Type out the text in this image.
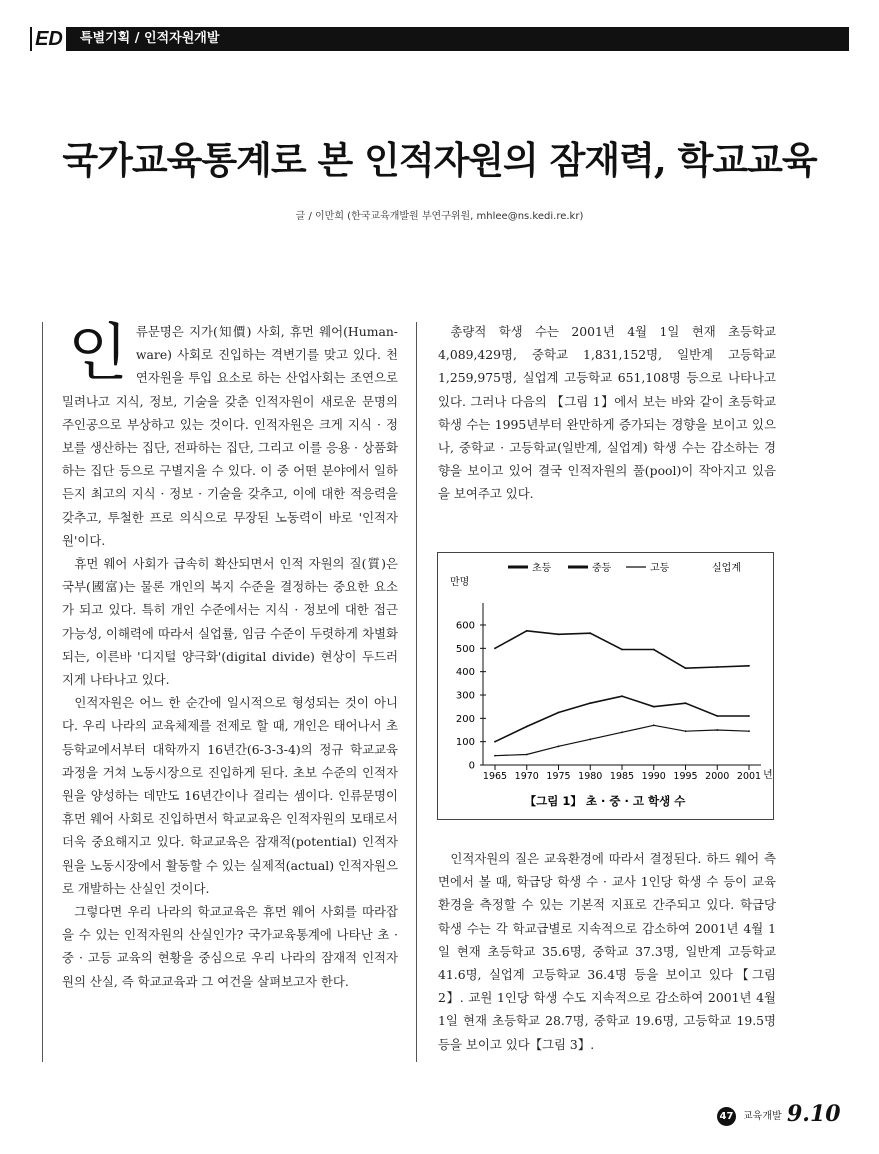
ED 특별기획 / 인적자원개발
국가교육통계로 본 인적자원의 잠재력, 학교교육
글 / 이만희 (한국교육개발원 부연구위원, mhlee@ns.kedi.re.kr)
인 류문명은 지가(知價) 사회, 휴먼 웨어(Human-ware) 사회로 진입하는 격변기를 맞고 있다. 천연자원을 투입 요소로 하는 산업사회는 조연으로 밀려나고 지식, 정보, 기술을 갖춘 인적자원이 새로운 문명의 주인공으로 부상하고 있는 것이다. 인적자원은 크게 지식 · 정보를 생산하는 집단, 전파하는 집단, 그리고 이를 응용 · 상품화하는 집단 등으로 구별지을 수 있다. 이 중 어떤 분야에서 일하든지 최고의 지식 · 정보 · 기술을 갖추고, 이에 대한 적응력을 갖추고, 투철한 프로 의식으로 무장된 노동력이 바로 '인적자원'이다.

휴먼 웨어 사회가 급속히 확산되면서 인적 자원의 질(質)은 국부(國富)는 물론 개인의 복지 수준을 결정하는 중요한 요소가 되고 있다. 특히 개인 수준에서는 지식 · 정보에 대한 접근 가능성, 이해력에 따라서 실업률, 임금 수준이 두렷하게 차별화 되는, 이른바 '디지털 양극화'(digital divide) 현상이 두드러지게 나타나고 있다.

인적자원은 어느 한 순간에 일시적으로 형성되는 것이 아니다. 우리 나라의 교육체제를 전제로 할 때, 개인은 태어나서 초등학교에서부터 대학까지 16년간(6-3-3-4)의 정규 학교교육 과정을 거쳐 노동시장으로 진입하게 된다. 초보 수준의 인적자원을 양성하는 데만도 16년간이나 걸리는 셈이다. 인류문명이 휴먼 웨어 사회로 진입하면서 학교교육은 인적자원의 모태로서 더욱 중요해지고 있다. 학교교육은 잠재적(potential) 인적자원을 노동시장에서 활동할 수 있는 실제적(actual) 인적자원으로 개발하는 산실인 것이다.

그렇다면 우리 나라의 학교교육은 휴먼 웨어 사회를 따라잡을 수 있는 인적자원의 산실인가? 국가교육통계에 나타난 초 · 중 · 고등 교육의 현황을 중심으로 우리 나라의 잠재적 인적자원의 산실, 즉 학교교육과 그 여건을 살펴보고자 한다.

총량적 학생 수는 2001년 4월 1일 현재 초등학교 4,089,429명, 중학교 1,831,152명, 일반계 고등학교 1,259,975명, 실업계 고등학교 651,108명 등으로 나타나고 있다. 그러나 다음의 【그림 1】에서 보는 바와 같이 초등학교 학생 수는 1995년부터 완만하게 증가되는 경향을 보이고 있으나, 중학교 · 고등학교(일반계, 실업계) 학생 수는 감소하는 경향을 보이고 있어 결국 인적자원의 풀(pool)이 작아지고 있음을 보여주고 있다.

초등	중등	고등	실업계
만명
0
100
200
300
400
500
600
1965 1970 1975 1980 1985 1990 1995 2000 2001 년
【그림 1】 초 · 중 · 고 학생 수

인적자원의 질은 교육환경에 따라서 결정된다. 하드 웨어 측면에서 볼 때, 학급당 학생 수 · 교사 1인당 학생 수 등이 교육환경을 측정할 수 있는 기본적 지표로 간주되고 있다. 학급당 학생 수는 각 학교급별로 지속적으로 감소하여 2001년 4월 1일 현재 초등학교 35.6명, 중학교 37.3명, 일반계 고등학교 41.6명, 실업계 고등학교 36.4명 등을 보이고 있다【그림 2】. 교원 1인당 학생 수도 지속적으로 감소하여 2001년 4월 1일 현재 초등학교 28.7명, 중학교 19.6명, 고등학교 19.5명 등을 보이고 있다【그림 3】.

47 교육개발 9.10
